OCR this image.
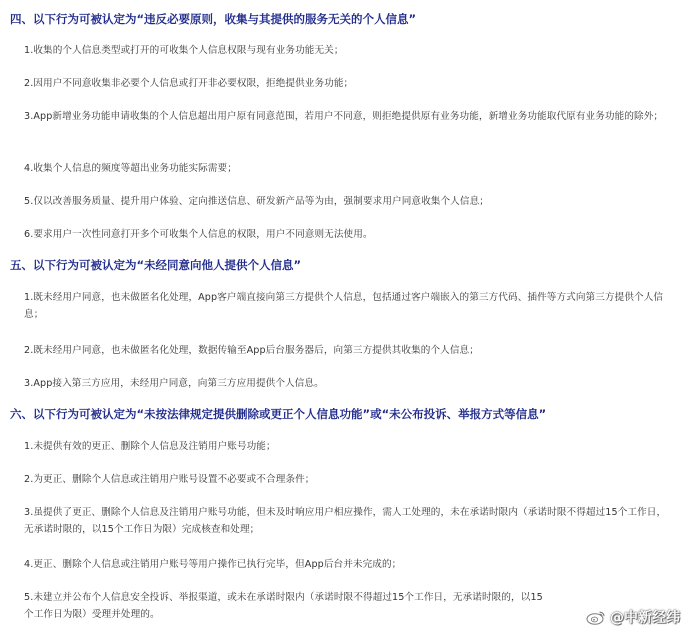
四、以下行为可被认定为“违反必要原则，收集与其提供的服务无关的个人信息”
1.收集的个人信息类型或打开的可收集个人信息权限与现有业务功能无关；
2.因用户不同意收集非必要个人信息或打开非必要权限，拒绝提供业务功能；
3.App新增业务功能申请收集的个人信息超出用户原有同意范围，若用户不同意，则拒绝提供原有业务功能，新增业务功能取代原有业务功能的除外；
4.收集个人信息的频度等超出业务功能实际需要；
5.仅以改善服务质量、提升用户体验、定向推送信息、研发新产品等为由，强制要求用户同意收集个人信息；
6.要求用户一次性同意打开多个可收集个人信息的权限，用户不同意则无法使用。
五、以下行为可被认定为“未经同意向他人提供个人信息”
1.既未经用户同意，也未做匿名化处理，App客户端直接向第三方提供个人信息，包括通过客户端嵌入的第三方代码、插件等方式向第三方提供个人信息；
2.既未经用户同意，也未做匿名化处理，数据传输至App后台服务器后，向第三方提供其收集的个人信息；
3.App接入第三方应用，未经用户同意，向第三方应用提供个人信息。
六、以下行为可被认定为“未按法律规定提供删除或更正个人信息功能”或“未公布投诉、举报方式等信息”
1.未提供有效的更正、删除个人信息及注销用户账号功能；
2.为更正、删除个人信息或注销用户账号设置不必要或不合理条件；
3.虽提供了更正、删除个人信息及注销用户账号功能，但未及时响应用户相应操作，需人工处理的，未在承诺时限内（承诺时限不得超过15个工作日，无承诺时限的，以15个工作日为限）完成核查和处理；
4.更正、删除个人信息或注销用户账号等用户操作已执行完毕，但App后台并未完成的；
5.未建立并公布个人信息安全投诉、举报渠道，或未在承诺时限内（承诺时限不得超过15个工作日，无承诺时限的，以15个工作日为限）受理并处理的。	@中新经纬
